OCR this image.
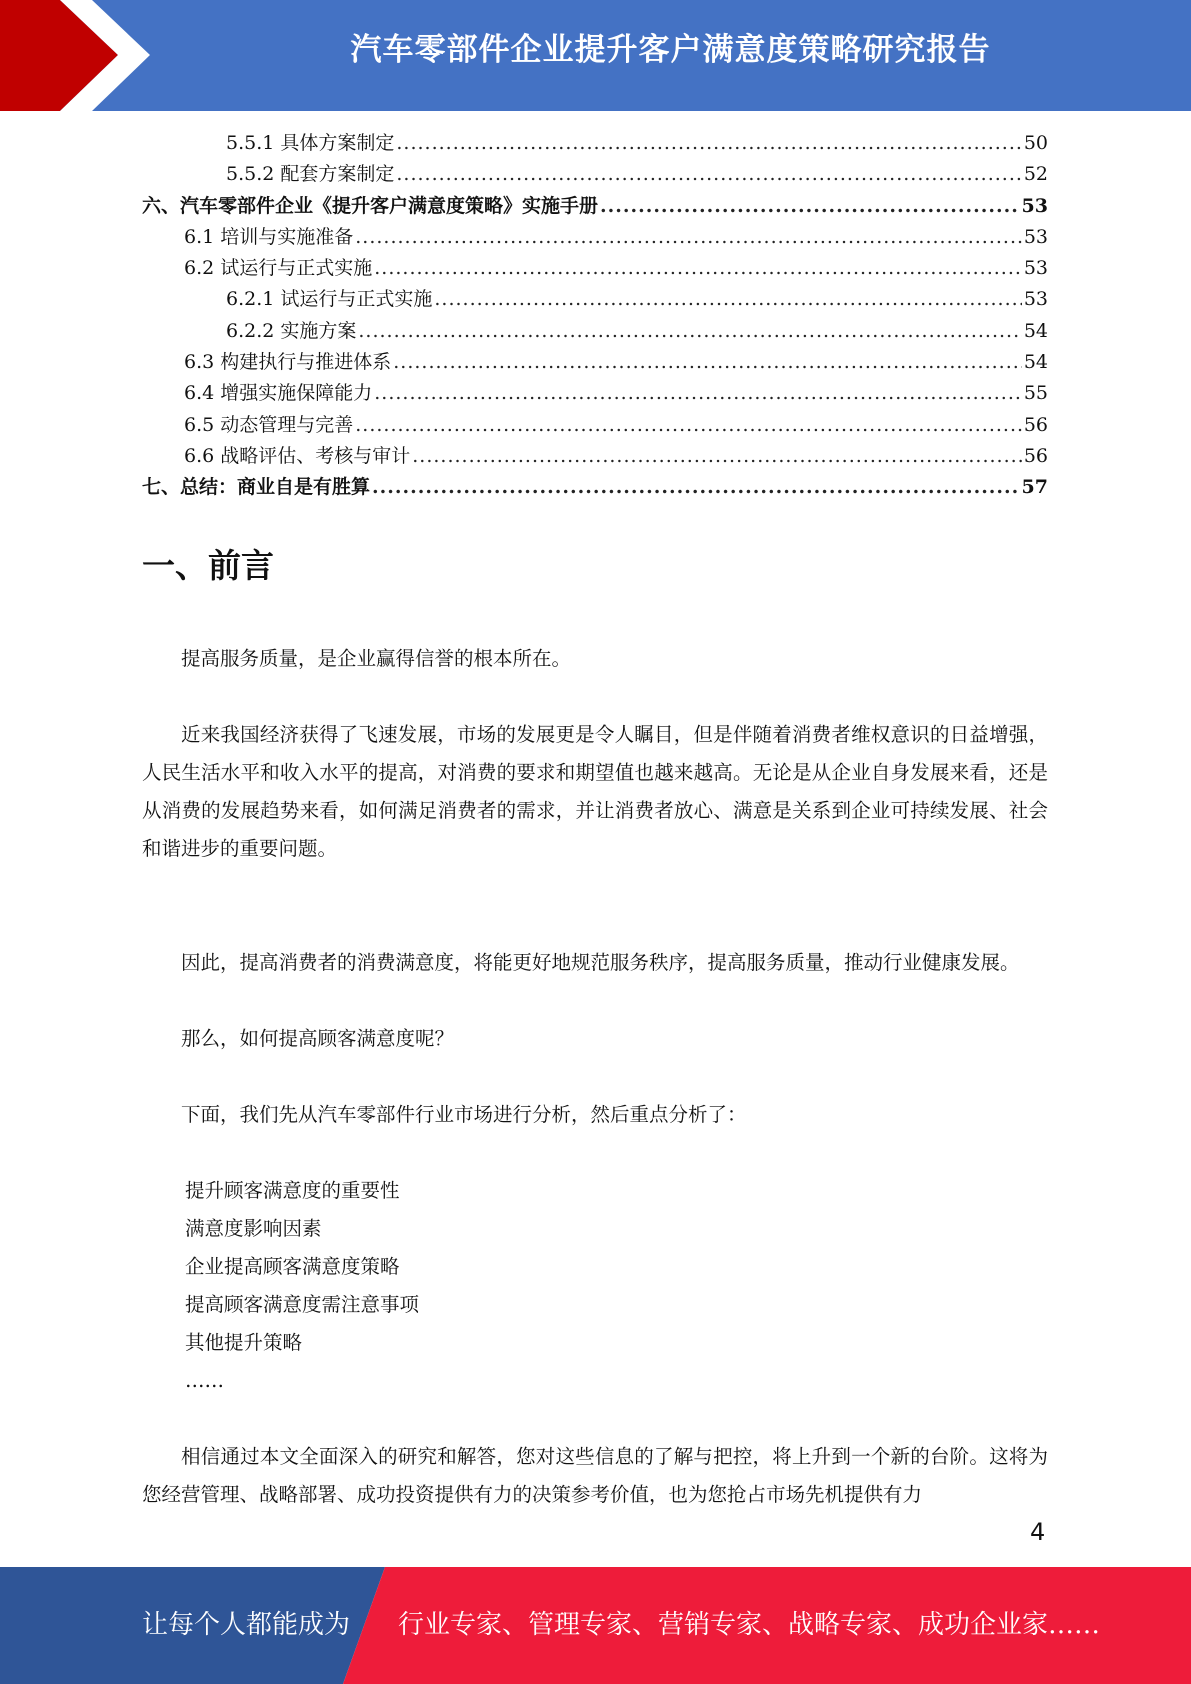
汽车零部件企业提升客户满意度策略研究报告
5.5.1 具体方案制定 .....	50
5.5.2 配套方案制定 .....	52
六、汽车零部件企业《提升客户满意度策略》实施手册 .....	53
6.1 培训与实施准备 .....	53
6.2 试运行与正式实施 .....	53
6.2.1 试运行与正式实施 .....	53
6.2.2 实施方案 .....	54
6.3 构建执行与推进体系 .....	54
6.4 增强实施保障能力 .....	55
6.5 动态管理与完善 .....	56
6.6 战略评估、考核与审计 .....	56
七、总结：商业自是有胜算 .....	57
一、前言

提高服务质量，是企业赢得信誉的根本所在。

近来我国经济获得了飞速发展，市场的发展更是令人瞩目，但是伴随着消费者维权意识的日益增强，人民生活水平和收入水平的提高，对消费的要求和期望值也越来越高。无论是从企业自身发展来看，还是从消费的发展趋势来看，如何满足消费者的需求，并让消费者放心、满意是关系到企业可持续发展、社会和谐进步的重要问题。

因此，提高消费者的消费满意度，将能更好地规范服务秩序，提高服务质量，推动行业健康发展。

那么，如何提高顾客满意度呢？

下面，我们先从汽车零部件行业市场进行分析，然后重点分析了：

提升顾客满意度的重要性

满意度影响因素

企业提高顾客满意度策略

提高顾客满意度需注意事项

其他提升策略

……

相信通过本文全面深入的研究和解答，您对这些信息的了解与把控，将上升到一个新的台阶。这将为您经营管理、战略部署、成功投资提供有力的决策参考价值，也为您抢占市场先机提供有力

4
让每个人都能成为 行业专家、管理专家、营销专家、战略专家、成功企业家……
